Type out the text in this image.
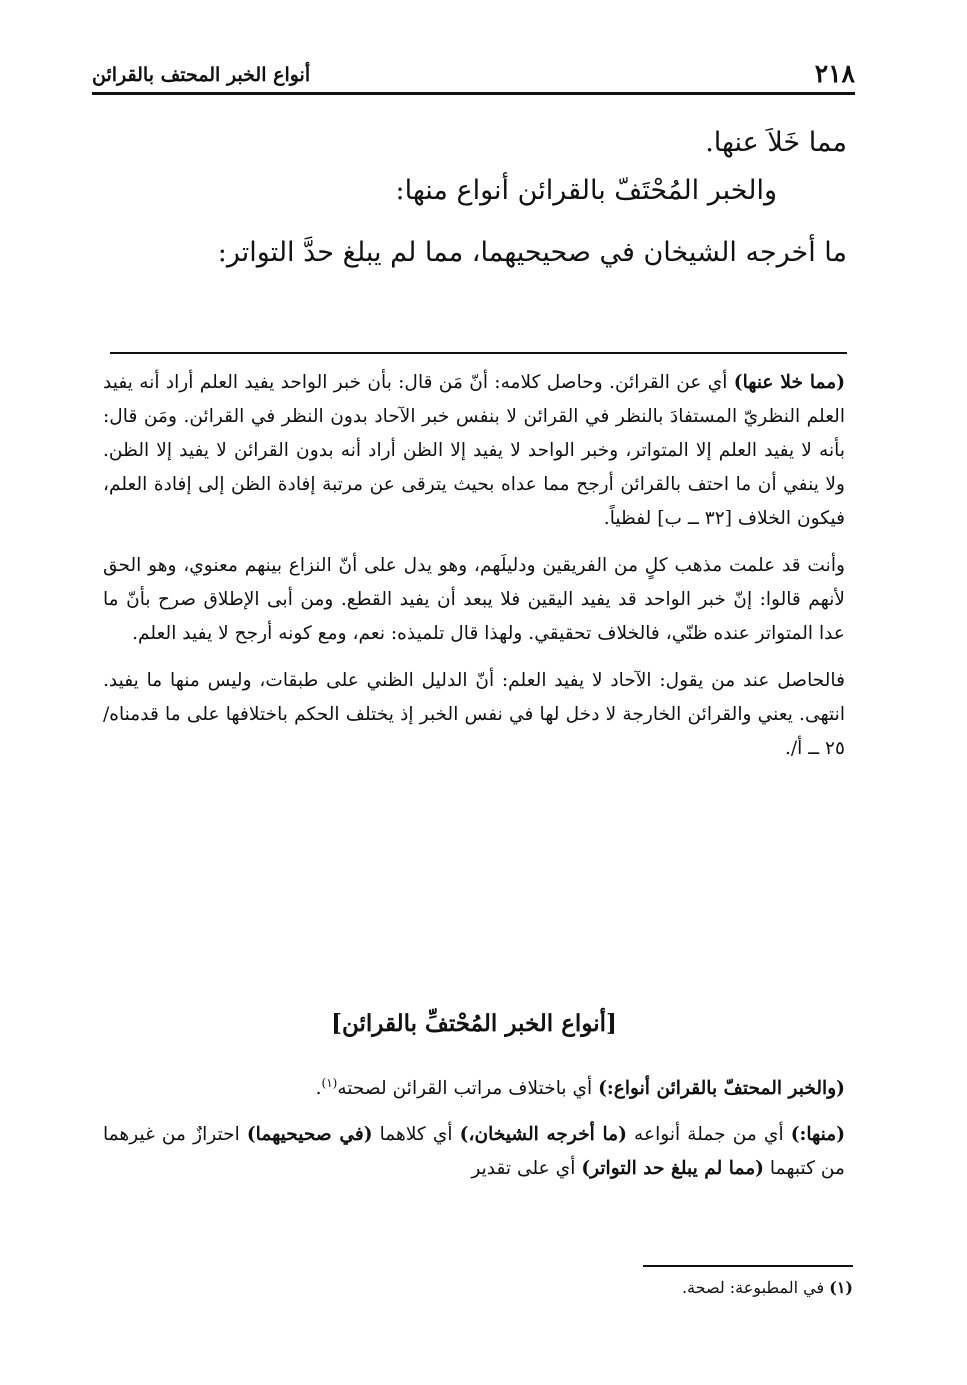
٢١٨
أنواع الخبر المحتف بالقرائن

مما خَلاَ عنها.

والخبر المُحْتَفّ بالقرائن أنواع منها:

ما أخرجه الشيخان في صحيحيهما، مما لم يبلغ حدَّ التواتر:

(مما خلا عنها) أي عن القرائن. وحاصل كلامه: أنّ مَن قال: بأن خبر الواحد يفيد العلم أراد أنه يفيد العلم النظريّ المستفادَ بالنظر في القرائن لا بنفس خبر الآحاد بدون النظر في القرائن. ومَن قال: بأنه لا يفيد العلم إلا المتواتر، وخبر الواحد لا يفيد إلا الظن أراد أنه بدون القرائن لا يفيد إلا الظن. ولا ينفي أن ما احتف بالقرائن أرجح مما عداه بحيث يترقى عن مرتبة إفادة الظن إلى إفادة العلم، فيكون الخلاف [٣٢ ــ ب] لفظياً.

وأنت قد علمت مذهب كلٍ من الفريقين ودليلَهم، وهو يدل على أنّ النزاع بينهم معنوي، وهو الحق لأنهم قالوا: إنّ خبر الواحد قد يفيد اليقين فلا يبعد أن يفيد القطع. ومن أبى الإطلاق صرح بأنّ ما عدا المتواتر عنده ظنّي، فالخلاف تحقيقي. ولهذا قال تلميذه: نعم، ومع كونه أرجح لا يفيد العلم.

فالحاصل عند من يقول: الآحاد لا يفيد العلم: أنّ الدليل الظني على طبقات، وليس منها ما يفيد. انتهى. يعني والقرائن الخارجة لا دخل لها في نفس الخبر إذ يختلف الحكم باختلافها على ما قدمناه/ ٢٥ ــ أ/.

[أنواع الخبر المُحْتفِّ بالقرائن]

(والخبر المحتفّ بالقرائن أنواع:) أي باختلاف مراتب القرائن لصحته$^{(١)}$.

(منها:) أي من جملة أنواعه (ما أخرجه الشيخان،) أي كلاهما (في صحيحيهما) احترازٌ من غيرهما من كتبهما (مما لم يبلغ حد التواتر) أي على تقدير

(١) في المطبوعة: لصحة.
